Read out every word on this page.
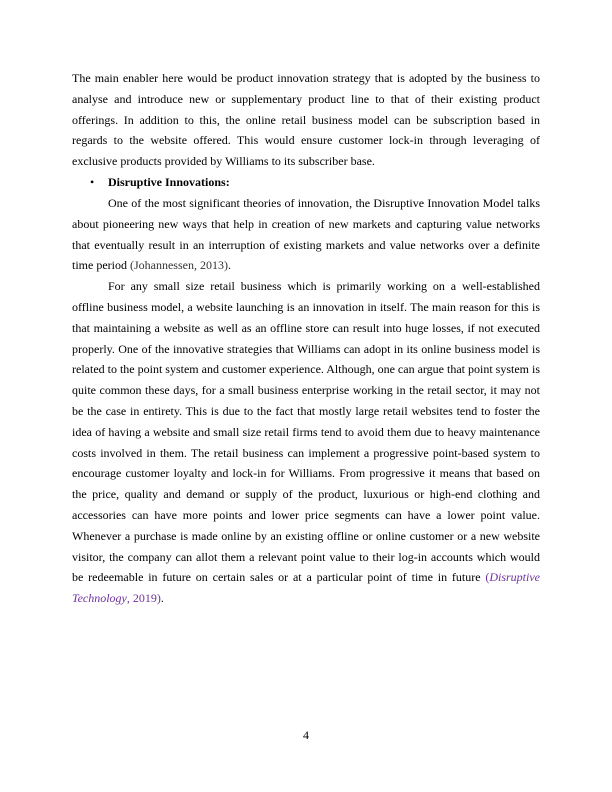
The main enabler here would be product innovation strategy that is adopted by the business to analyse and introduce new or supplementary product line to that of their existing product offerings. In addition to this, the online retail business model can be subscription based in regards to the website offered. This would ensure customer lock-in through leveraging of exclusive products provided by Williams to its subscriber base.

•	Disruptive Innovations:

One of the most significant theories of innovation, the Disruptive Innovation Model talks about pioneering new ways that help in creation of new markets and capturing value networks that eventually result in an interruption of existing markets and value networks over a definite time period (Johannessen, 2013).

For any small size retail business which is primarily working on a well-established offline business model, a website launching is an innovation in itself. The main reason for this is that maintaining a website as well as an offline store can result into huge losses, if not executed properly. One of the innovative strategies that Williams can adopt in its online business model is related to the point system and customer experience. Although, one can argue that point system is quite common these days, for a small business enterprise working in the retail sector, it may not be the case in entirety. This is due to the fact that mostly large retail websites tend to foster the idea of having a website and small size retail firms tend to avoid them due to heavy maintenance costs involved in them. The retail business can implement a progressive point-based system to encourage customer loyalty and lock-in for Williams. From progressive it means that based on the price, quality and demand or supply of the product, luxurious or high-end clothing and accessories can have more points and lower price segments can have a lower point value. Whenever a purchase is made online by an existing offline or online customer or a new website visitor, the company can allot them a relevant point value to their log-in accounts which would be redeemable in future on certain sales or at a particular point of time in future (Disruptive Technology, 2019).

4
